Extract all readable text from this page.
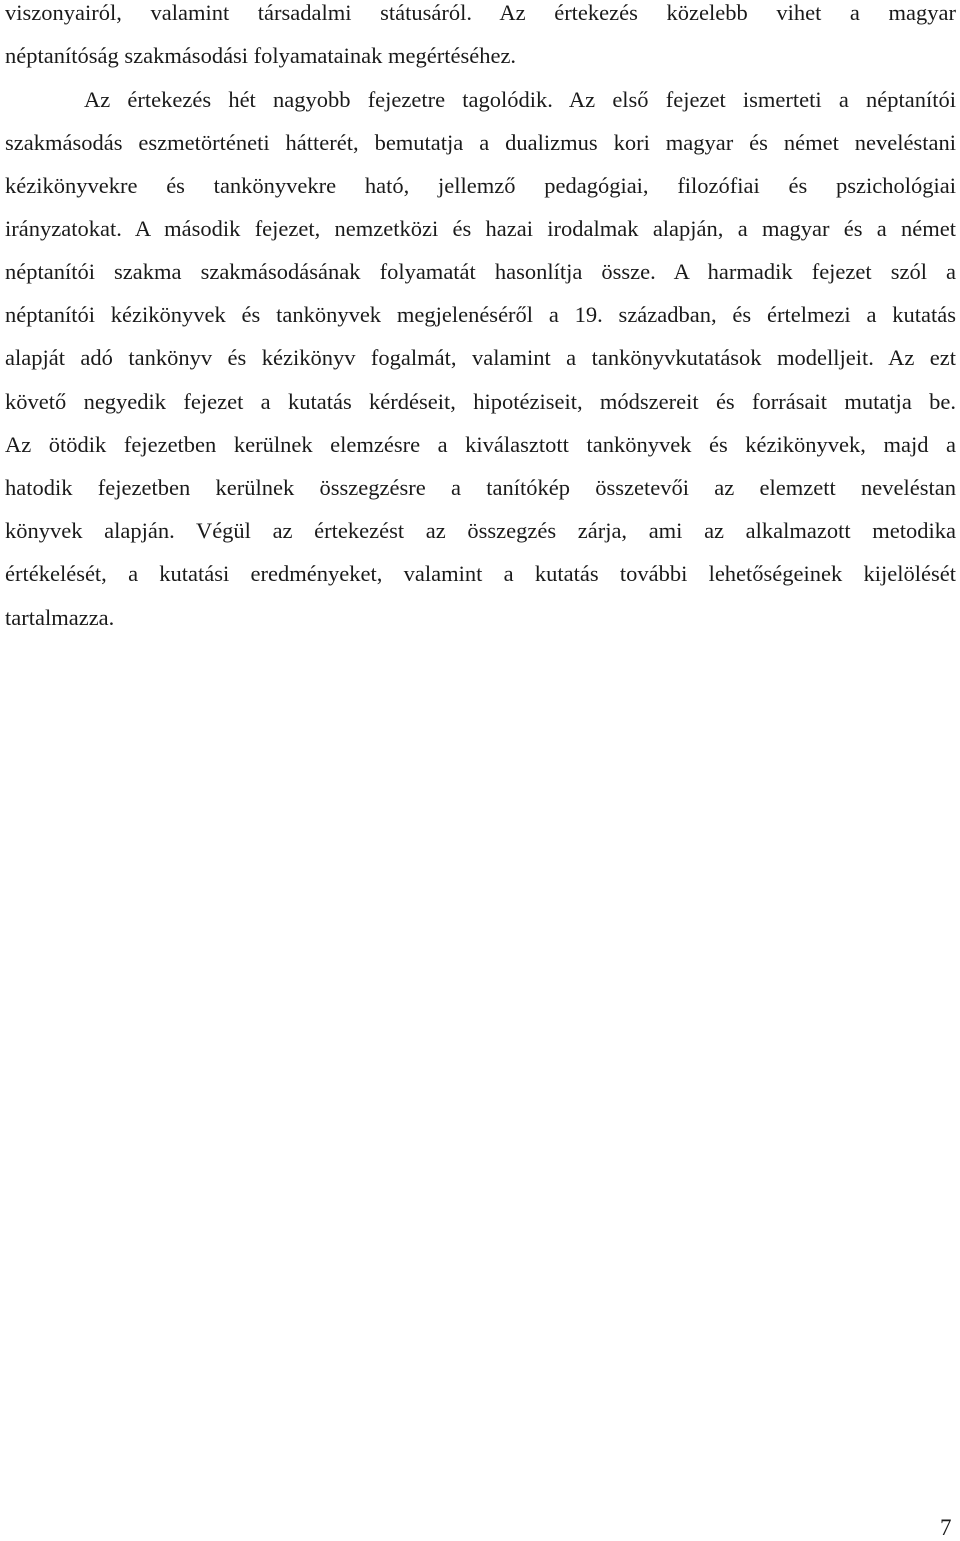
viszonyairól, valamint társadalmi státusáról. Az értekezés közelebb vihet a magyar
néptanítóság szakmásodási folyamatainak megértéséhez.
Az értekezés hét nagyobb fejezetre tagolódik. Az első fejezet ismerteti a néptanítói
szakmásodás eszmetörténeti hátterét, bemutatja a dualizmus kori magyar és német neveléstani
kézikönyvekre és tankönyvekre ható, jellemző pedagógiai, filozófiai és pszichológiai
irányzatokat. A második fejezet, nemzetközi és hazai irodalmak alapján, a magyar és a német
néptanítói szakma szakmásodásának folyamatát hasonlítja össze. A harmadik fejezet szól a
néptanítói kézikönyvek és tankönyvek megjelenéséről a 19. században, és értelmezi a kutatás
alapját adó tankönyv és kézikönyv fogalmát, valamint a tankönyvkutatások modelljeit. Az ezt
követő negyedik fejezet a kutatás kérdéseit, hipotéziseit, módszereit és forrásait mutatja be.
Az ötödik fejezetben kerülnek elemzésre a kiválasztott tankönyvek és kézikönyvek, majd a
hatodik fejezetben kerülnek összegzésre a tanítókép összetevői az elemzett neveléstan
könyvek alapján. Végül az értekezést az összegzés zárja, ami az alkalmazott metodika
értékelését, a kutatási eredményeket, valamint a kutatás további lehetőségeinek kijelölését
tartalmazza.
7
